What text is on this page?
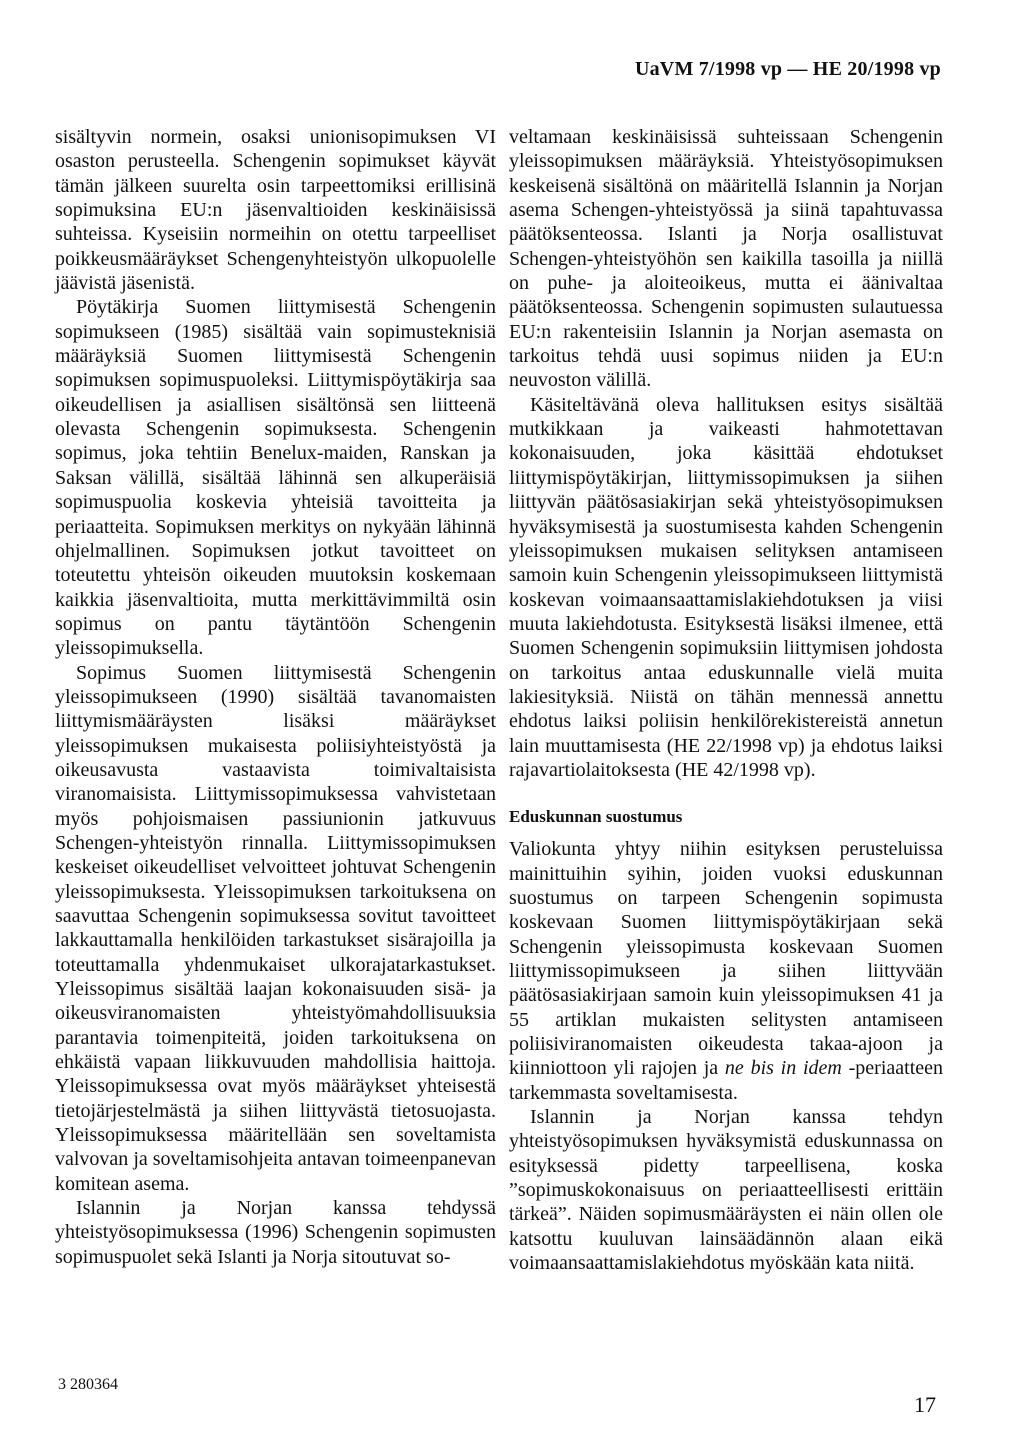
UaVM 7/1998 vp — HE 20/1998 vp

sisältyvin normein, osaksi unionisopimuksen VI osaston perusteella. Schengenin sopimukset käyvät tämän jälkeen suurelta osin tarpeettomiksi erillisinä sopimuksina EU:n jäsenvaltioiden keskinäisissä suhteissa. Kyseisiin normeihin on otettu tarpeelliset poikkeusmääräykset Schengenyhteistyön ulkopuolelle jäävistä jäsenistä.

Pöytäkirja Suomen liittymisestä Schengenin sopimukseen (1985) sisältää vain sopimusteknisiä määräyksiä Suomen liittymisestä Schengenin sopimuksen sopimuspuoleksi. Liittymispöytäkirja saa oikeudellisen ja asiallisen sisältönsä sen liitteenä olevasta Schengenin sopimuksesta. Schengenin sopimus, joka tehtiin Benelux-maiden, Ranskan ja Saksan välillä, sisältää lähinnä sen alkuperäisiä sopimuspuolia koskevia yhteisiä tavoitteita ja periaatteita. Sopimuksen merkitys on nykyään lähinnä ohjelmallinen. Sopimuksen jotkut tavoitteet on toteutettu yhteisön oikeuden muutoksin koskemaan kaikkia jäsenvaltioita, mutta merkittävimmiltä osin sopimus on pantu täytäntöön Schengenin yleissopimuksella.

Sopimus Suomen liittymisestä Schengenin yleissopimukseen (1990) sisältää tavanomaisten liittymismääräysten lisäksi määräykset yleissopimuksen mukaisesta poliisiyhteistyöstä ja oikeusavusta vastaavista toimivaltaisista viranomaisista. Liittymissopimuksessa vahvistetaan myös pohjoismaisen passiunionin jatkuvuus Schengen-yhteistyön rinnalla. Liittymissopimuksen keskeiset oikeudelliset velvoitteet johtuvat Schengenin yleissopimuksesta. Yleissopimuksen tarkoituksena on saavuttaa Schengenin sopimuksessa sovitut tavoitteet lakkauttamalla henkilöiden tarkastukset sisärajoilla ja toteuttamalla yhdenmukaiset ulkorajatarkastukset. Yleissopimus sisältää laajan kokonaisuuden sisä- ja oikeusviranomaisten yhteistyömahdollisuuksia parantavia toimenpiteitä, joiden tarkoituksena on ehkäistä vapaan liikkuvuuden mahdollisia haittoja. Yleissopimuksessa ovat myös määräykset yhteisestä tietojärjestelmästä ja siihen liittyvästä tietosuojasta. Yleissopimuksessa määritellään sen soveltamista valvovan ja soveltamisohjeita antavan toimeenpanevan komitean asema.

Islannin ja Norjan kanssa tehdyssä yhteistyösopimuksessa (1996) Schengenin sopimusten sopimuspuolet sekä Islanti ja Norja sitoutuvat so-

veltamaan keskinäisissä suhteissaan Schengenin yleissopimuksen määräyksiä. Yhteistyösopimuksen keskeisenä sisältönä on määritellä Islannin ja Norjan asema Schengen-yhteistyössä ja siinä tapahtuvassa päätöksenteossa. Islanti ja Norja osallistuvat Schengen-yhteistyöhön sen kaikilla tasoilla ja niillä on puhe- ja aloiteoikeus, mutta ei äänivaltaa päätöksenteossa. Schengenin sopimusten sulautuessa EU:n rakenteisiin Islannin ja Norjan asemasta on tarkoitus tehdä uusi sopimus niiden ja EU:n neuvoston välillä.

Käsiteltävänä oleva hallituksen esitys sisältää mutkikkaan ja vaikeasti hahmotettavan kokonaisuuden, joka käsittää ehdotukset liittymispöytäkirjan, liittymissopimuksen ja siihen liittyvän päätösasiakirjan sekä yhteistyösopimuksen hyväksymisestä ja suostumisesta kahden Schengenin yleissopimuksen mukaisen selityksen antamiseen samoin kuin Schengenin yleissopimukseen liittymistä koskevan voimaansaattamislakiehdotuksen ja viisi muuta lakiehdotusta. Esityksestä lisäksi ilmenee, että Suomen Schengenin sopimuksiin liittymisen johdosta on tarkoitus antaa eduskunnalle vielä muita lakiesityksiä. Niistä on tähän mennessä annettu ehdotus laiksi poliisin henkilörekistereistä annetun lain muuttamisesta (HE 22/1998 vp) ja ehdotus laiksi rajavartiolaitoksesta (HE 42/1998 vp).

Eduskunnan suostumus

Valiokunta yhtyy niihin esityksen perusteluissa mainittuihin syihin, joiden vuoksi eduskunnan suostumus on tarpeen Schengenin sopimusta koskevaan Suomen liittymispöytäkirjaan sekä Schengenin yleissopimusta koskevaan Suomen liittymissopimukseen ja siihen liittyvään päätösasiakirjaan samoin kuin yleissopimuksen 41 ja 55 artiklan mukaisten selitysten antamiseen poliisiviranomaisten oikeudesta takaa-ajoon ja kiinniottoon yli rajojen ja ne bis in idem -periaatteen tarkemmasta soveltamisesta.

Islannin ja Norjan kanssa tehdyn yhteistyösopimuksen hyväksymistä eduskunnassa on esityksessä pidetty tarpeellisena, koska ”sopimuskokonaisuus on periaatteellisesti erittäin tärkeä”. Näiden sopimusmääräysten ei näin ollen ole katsottu kuuluvan lainsäädännön alaan eikä voimaansaattamislakiehdotus myöskään kata niitä.

3 280364
17
